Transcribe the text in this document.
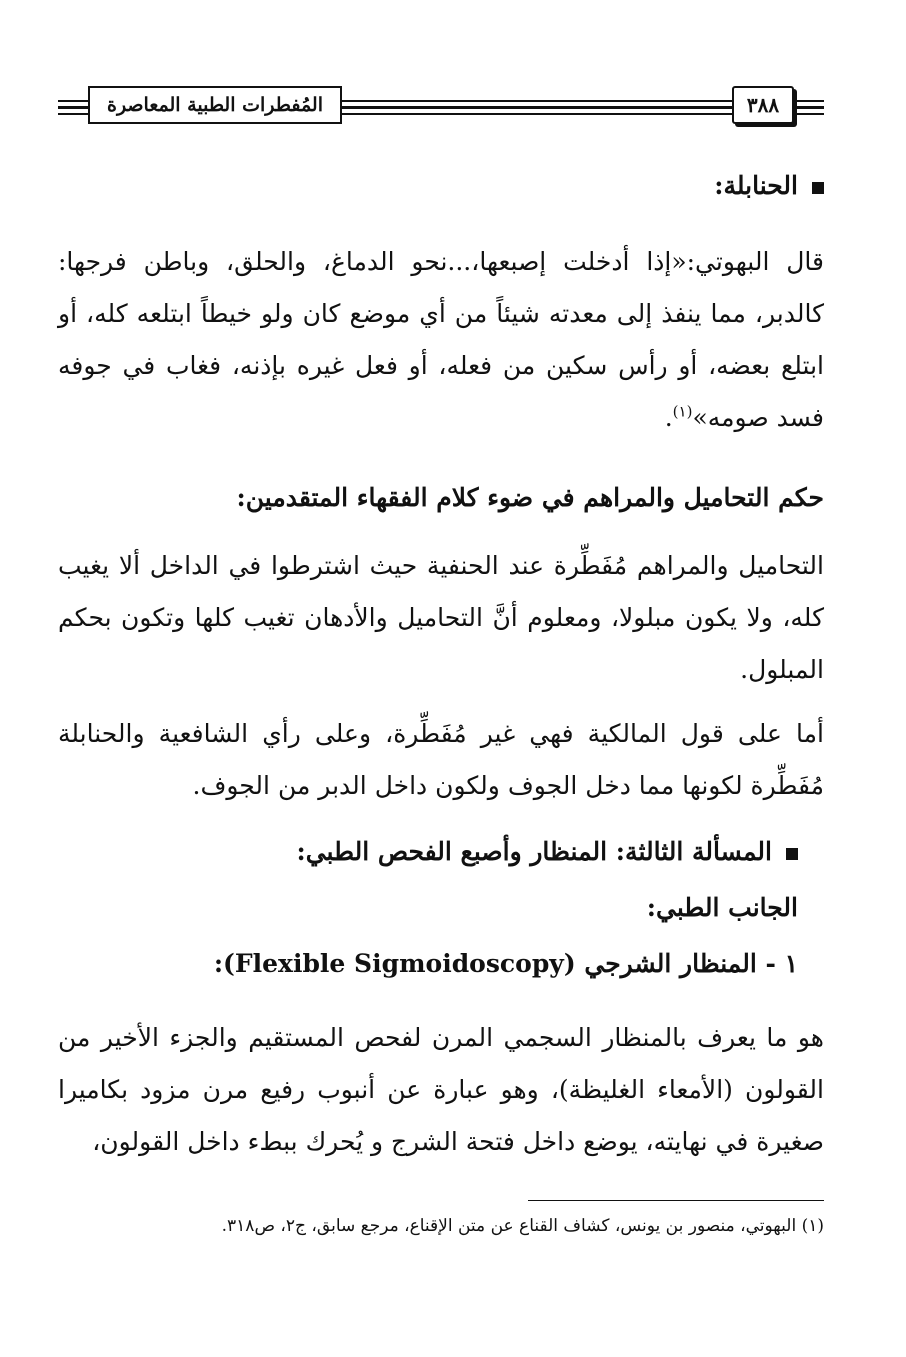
٣٨٨
المُفطرات الطبية المعاصرة
الحنابلة:
قال البهوتي:«إذا أدخلت إصبعها،...نحو الدماغ، والحلق، وباطن فرجها: كالدبر، مما ينفذ إلى معدته شيئاً من أي موضع كان ولو خيطاً ابتلعه كله، أو ابتلع بعضه، أو رأس سكين من فعله، أو فعل غيره بإذنه، فغاب في جوفه فسد صومه»$^{(١)}$.
حكم التحاميل والمراهم في ضوء كلام الفقهاء المتقدمين:
التحاميل والمراهم مُفَطِّرة عند الحنفية حيث اشترطوا في الداخل ألا يغيب كله، ولا يكون مبلولا، ومعلوم أنَّ التحاميل والأدهان تغيب كلها وتكون بحكم المبلول.
أما على قول المالكية فهي غير مُفَطِّرة، وعلى رأي الشافعية والحنابلة مُفَطِّرة لكونها مما دخل الجوف ولكون داخل الدبر من الجوف.
المسألة الثالثة: المنظار وأصبع الفحص الطبي:
الجانب الطبي:
١ - المنظار الشرجي (Flexible Sigmoidoscopy):
هو ما يعرف بالمنظار السجمي المرن لفحص المستقيم والجزء الأخير من القولون (الأمعاء الغليظة)، وهو عبارة عن أنبوب رفيع مرن مزود بكاميرا صغيرة في نهايته، يوضع داخل فتحة الشرج و يُحرك ببطء داخل القولون،
(١) البهوتي، منصور بن يونس، كشاف القناع عن متن الإقناع، مرجع سابق، ج٢، ص٣١٨.
